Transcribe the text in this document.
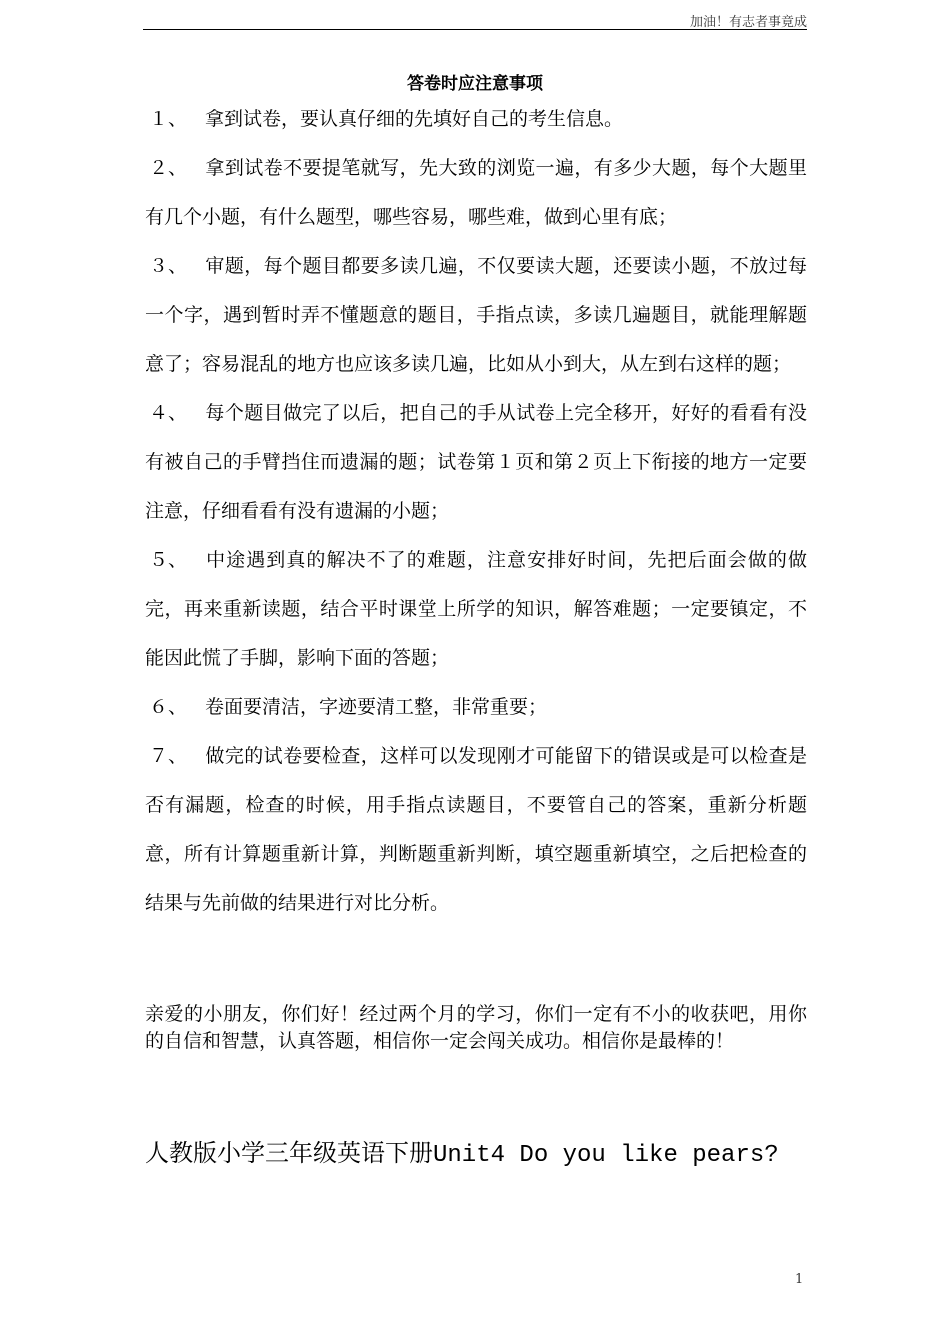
加油！有志者事竟成
答卷时应注意事项
１、 拿到试卷，要认真仔细的先填好自己的考生信息。
２、 拿到试卷不要提笔就写，先大致的浏览一遍，有多少大题，每个大题里有几个小题，有什么题型，哪些容易，哪些难，做到心里有底；
３、 审题，每个题目都要多读几遍，不仅要读大题，还要读小题，不放过每一个字，遇到暂时弄不懂题意的题目，手指点读，多读几遍题目，就能理解题意了；容易混乱的地方也应该多读几遍，比如从小到大，从左到右这样的题；
４、 每个题目做完了以后，把自己的手从试卷上完全移开，好好的看看有没有被自己的手臂挡住而遗漏的题；试卷第１页和第２页上下衔接的地方一定要注意，仔细看看有没有遗漏的小题；
５、 中途遇到真的解决不了的难题，注意安排好时间，先把后面会做的做完，再来重新读题，结合平时课堂上所学的知识，解答难题；一定要镇定，不能因此慌了手脚，影响下面的答题；
６、 卷面要清洁，字迹要清工整，非常重要；
７、 做完的试卷要检查，这样可以发现刚才可能留下的错误或是可以检查是否有漏题，检查的时候，用手指点读题目，不要管自己的答案，重新分析题意，所有计算题重新计算，判断题重新判断，填空题重新填空，之后把检查的结果与先前做的结果进行对比分析。
亲爱的小朋友，你们好！经过两个月的学习，你们一定有不小的收获吧，用你的自信和智慧，认真答题，相信你一定会闯关成功。相信你是最棒的！
人教版小学三年级英语下册Unit4 Do you like pears?
1
